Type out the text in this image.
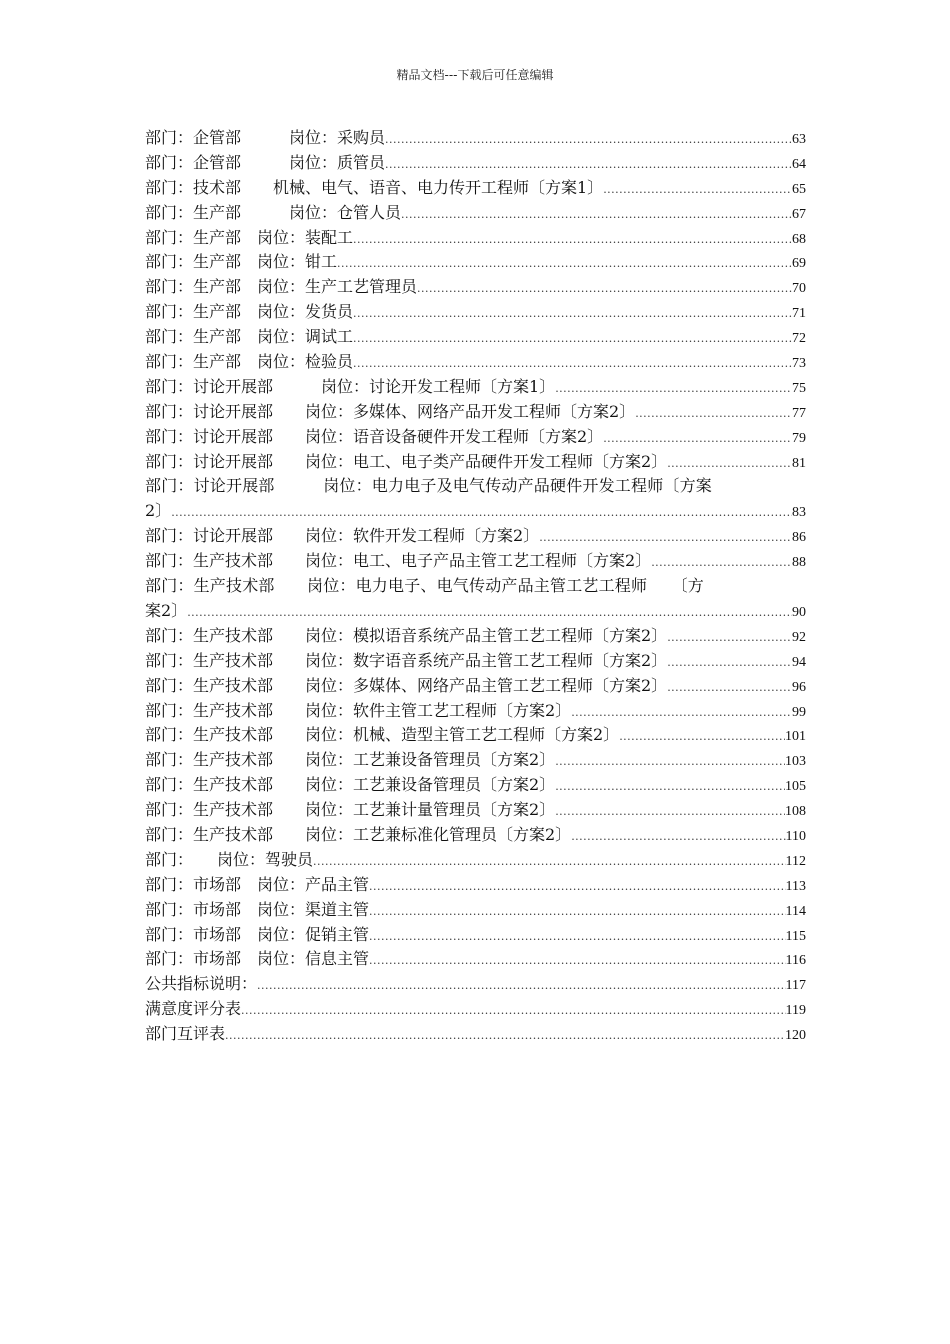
精品文档---下载后可任意编辑
部门：企管部　　　岗位：采购员 .....	63
部门：企管部　　　岗位：质管员 .....	64
部门：技术部　　机械、电气、语音、电力传开工程师〔方案1〕 .....	65
部门：生产部　　　岗位：仓管人员 .....	67
部门：生产部　岗位：装配工 .....	68
部门：生产部　岗位：钳工 .....	69
部门：生产部　岗位：生产工艺管理员 .....	70
部门：生产部　岗位：发货员 .....	71
部门：生产部　岗位：调试工 .....	72
部门：生产部　岗位：检验员 .....	73
部门：讨论开展部　　　岗位：讨论开发工程师〔方案1〕 .....	75
部门：讨论开展部　　岗位：多媒体、网络产品开发工程师〔方案2〕 .....	77
部门：讨论开展部　　岗位：语音设备硬件开发工程师〔方案2〕 .....	79
部门：讨论开展部　　岗位：电工、电子类产品硬件开发工程师〔方案2〕 .....	81
部门：讨论开展部　　　岗位：电力电子及电气传动产品硬件开发工程师〔方案
2〕 .....	83
部门：讨论开展部　　岗位：软件开发工程师〔方案2〕 .....	86
部门：生产技术部　　岗位：电工、电子产品主管工艺工程师〔方案2〕 .....	88
部门：生产技术部　　岗位：电力电子、电气传动产品主管工艺工程师　　〔方
案2〕 .....	90
部门：生产技术部　　岗位：模拟语音系统产品主管工艺工程师〔方案2〕 .....	92
部门：生产技术部　　岗位：数字语音系统产品主管工艺工程师〔方案2〕 .....	94
部门：生产技术部　　岗位：多媒体、网络产品主管工艺工程师〔方案2〕 .....	96
部门：生产技术部　　岗位：软件主管工艺工程师〔方案2〕 .....	99
部门：生产技术部　　岗位：机械、造型主管工艺工程师〔方案2〕 .....	101
部门：生产技术部　　岗位：工艺兼设备管理员〔方案2〕 .....	103
部门：生产技术部　　岗位：工艺兼设备管理员〔方案2〕 .....	105
部门：生产技术部　　岗位：工艺兼计量管理员〔方案2〕 .....	108
部门：生产技术部　　岗位：工艺兼标准化管理员〔方案2〕 .....	110
部门：　　岗位：驾驶员 .....	112
部门：市场部　岗位：产品主管 .....	113
部门：市场部　岗位：渠道主管 .....	114
部门：市场部　岗位：促销主管 .....	115
部门：市场部　岗位：信息主管 .....	116
公共指标说明： .....	117
满意度评分表 .....	119
部门互评表 .....	120
